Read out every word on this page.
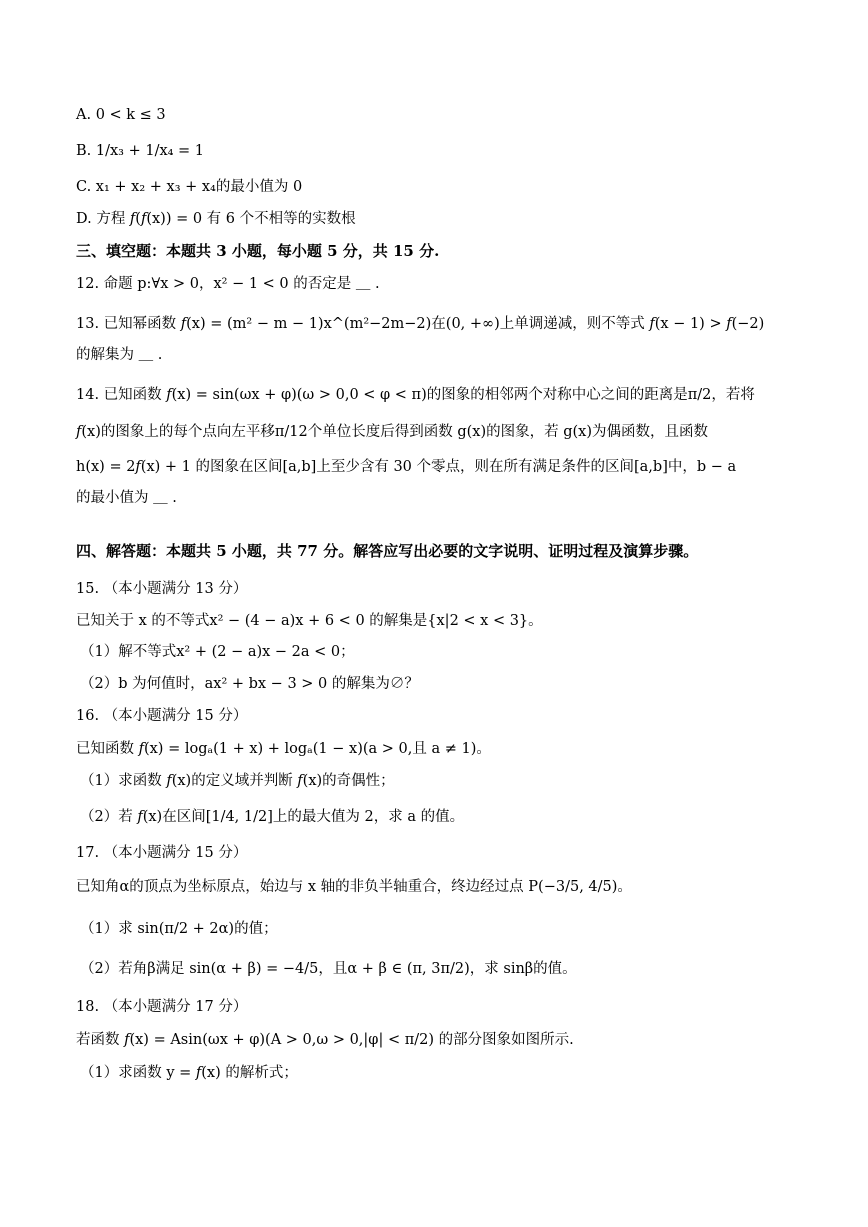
A. 0 < k ≤ 3
B. 1/x₃ + 1/x₄ = 1
C. x₁ + x₂ + x₃ + x₄的最小值为 0
D. 方程 𝑓(𝑓(x)) = 0 有 6 个不相等的实数根
三、填空题：本题共 3 小题，每小题 5 分，共 15 分.
12. 命题 p:∀x > 0，x² − 1 < 0 的否定是 ＿ .
13. 已知幂函数 𝑓(x) = (m² − m − 1)x^(m²−2m−2)在(0, +∞)上单调递减，则不等式 𝑓(x − 1) > 𝑓(−2)
的解集为 ＿ .
14. 已知函数 𝑓(x) = sin(ωx + φ)(ω > 0,0 < φ < π)的图象的相邻两个对称中心之间的距离是π/2，若将
𝑓(x)的图象上的每个点向左平移π/12个单位长度后得到函数 g(x)的图象，若 g(x)为偶函数，且函数
h(x) = 2𝑓(x) + 1 的图象在区间[a,b]上至少含有 30 个零点，则在所有满足条件的区间[a,b]中，b − a
的最小值为 ＿ .
四、解答题：本题共 5 小题，共 77 分。解答应写出必要的文字说明、证明过程及演算步骤。
15. （本小题满分 13 分）
已知关于 x 的不等式x² − (4 − a)x + 6 < 0 的解集是{x|2 < x < 3}。
（1）解不等式x² + (2 − a)x − 2a < 0；
（2）b 为何值时，ax² + bx − 3 > 0 的解集为∅？
16. （本小题满分 15 分）
已知函数 𝑓(x) = logₐ(1 + x) + logₐ(1 − x)(a > 0,且 a ≠ 1)。
（1）求函数 𝑓(x)的定义域并判断 𝑓(x)的奇偶性；
（2）若 𝑓(x)在区间[1/4, 1/2]上的最大值为 2，求 a 的值。
17. （本小题满分 15 分）
已知角α的顶点为坐标原点，始边与 x 轴的非负半轴重合，终边经过点 P(−3/5, 4/5)。
（1）求 sin(π/2 + 2α)的值；
（2）若角β满足 sin(α + β) = −4/5，且α + β ∈ (π, 3π/2)，求 sinβ的值。
18. （本小题满分 17 分）
若函数 𝑓(x) = Asin(ωx + φ)(A > 0,ω > 0,|φ| < π/2) 的部分图象如图所示.
（1）求函数 y = 𝑓(x) 的解析式；
